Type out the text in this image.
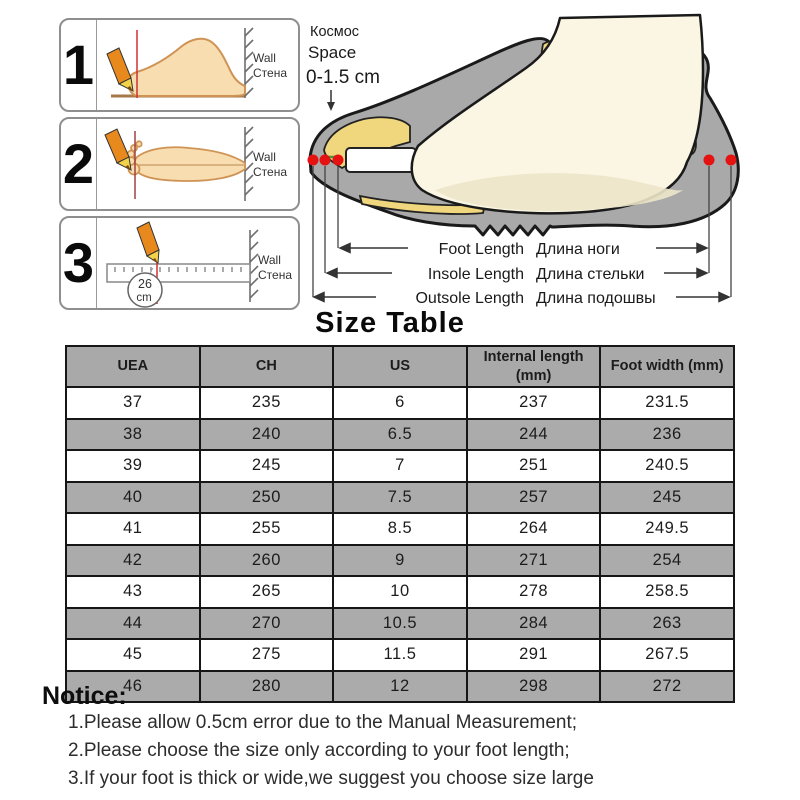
1	Wall
Стена
2	Wall
Стена
3	26
cm
Wall
Стена
Foot Length Длина ноги
Insole Length Длина стельки
Outsole Length Длина подошвы
Космос
Space
0-1.5 cm
Size Table
UEA	CH	US	Internal length (mm)	Foot width (mm)
37	235	6	237	231.5
38	240	6.5	244	236
39	245	7	251	240.5
40	250	7.5	257	245
41	255	8.5	264	249.5
42	260	9	271	254
43	265	10	278	258.5
44	270	10.5	284	263
45	275	11.5	291	267.5
46	280	12	298	272
Notice:

1.Please allow 0.5cm error due to the Manual Measurement;

2.Please choose the size only according to your foot length;

3.If your foot is thick or wide,we suggest you choose size large
